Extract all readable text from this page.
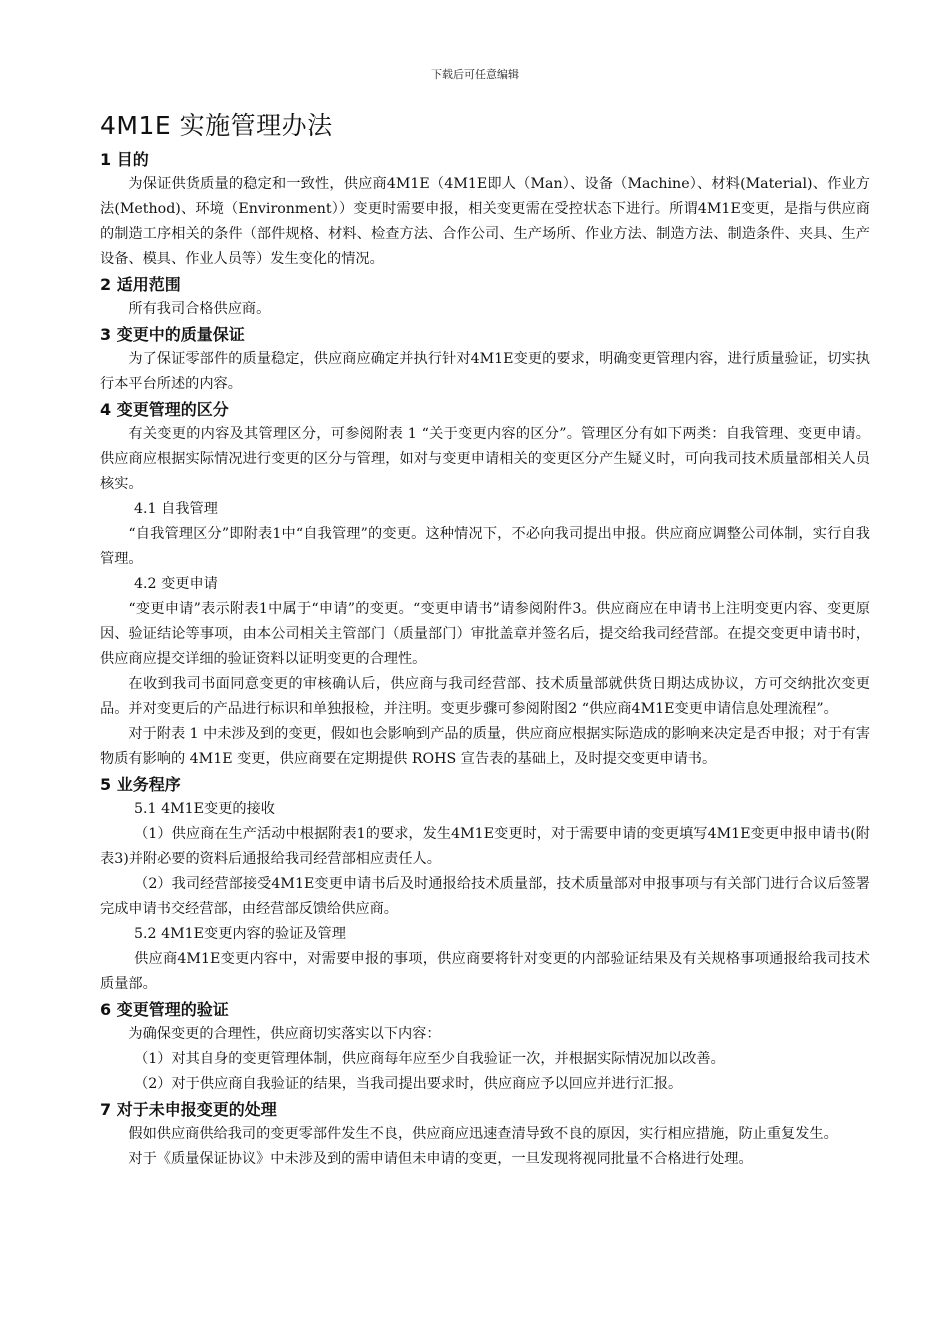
下载后可任意编辑
4M1E 实施管理办法
1 目的
为保证供货质量的稳定和一致性，供应商4M1E（4M1E即人（Man）、设备（Machine）、材料(Material)、作业方法(Method)、环境（Environment））变更时需要申报，相关变更需在受控状态下进行。所谓4M1E变更，是指与供应商的制造工序相关的条件（部件规格、材料、检查方法、合作公司、生产场所、作业方法、制造方法、制造条件、夹具、生产设备、模具、作业人员等）发生变化的情况。
2 适用范围
所有我司合格供应商。
3 变更中的质量保证
为了保证零部件的质量稳定，供应商应确定并执行针对4M1E变更的要求，明确变更管理内容，进行质量验证，切实执行本平台所述的内容。
4 变更管理的区分
有关变更的内容及其管理区分，可参阅附表 1 “关于变更内容的区分”。管理区分有如下两类：自我管理、变更申请。供应商应根据实际情况进行变更的区分与管理，如对与变更申请相关的变更区分产生疑义时，可向我司技术质量部相关人员核实。
4.1 自我管理
“自我管理区分”即附表1中“自我管理”的变更。这种情况下，不必向我司提出申报。供应商应调整公司体制，实行自我管理。
4.2 变更申请
“变更申请”表示附表1中属于“申请”的变更。“变更申请书”请参阅附件3。供应商应在申请书上注明变更内容、变更原因、验证结论等事项，由本公司相关主管部门（质量部门）审批盖章并签名后，提交给我司经营部。在提交变更申请书时，供应商应提交详细的验证资料以证明变更的合理性。
在收到我司书面同意变更的审核确认后，供应商与我司经营部、技术质量部就供货日期达成协议，方可交纳批次变更品。并对变更后的产品进行标识和单独报检，并注明。变更步骤可参阅附图2 “供应商4M1E变更申请信息处理流程”。
对于附表 1 中未涉及到的变更，假如也会影响到产品的质量，供应商应根据实际造成的影响来决定是否申报；对于有害物质有影响的 4M1E 变更，供应商要在定期提供 ROHS 宣告表的基础上，及时提交变更申请书。
5 业务程序
5.1 4M1E变更的接收
（1）供应商在生产活动中根据附表1的要求，发生4M1E变更时，对于需要申请的变更填写4M1E变更申报申请书(附表3)并附必要的资料后通报给我司经营部相应责任人。
（2）我司经营部接受4M1E变更申请书后及时通报给技术质量部，技术质量部对申报事项与有关部门进行合议后签署完成申请书交经营部，由经营部反馈给供应商。
5.2 4M1E变更内容的验证及管理
供应商4M1E变更内容中，对需要申报的事项，供应商要将针对变更的内部验证结果及有关规格事项通报给我司技术质量部。
6 变更管理的验证
为确保变更的合理性，供应商切实落实以下内容：
（1）对其自身的变更管理体制，供应商每年应至少自我验证一次，并根据实际情况加以改善。
（2）对于供应商自我验证的结果，当我司提出要求时，供应商应予以回应并进行汇报。
7 对于未申报变更的处理
假如供应商供给我司的变更零部件发生不良，供应商应迅速查清导致不良的原因，实行相应措施，防止重复发生。
对于《质量保证协议》中未涉及到的需申请但未申请的变更，一旦发现将视同批量不合格进行处理。
